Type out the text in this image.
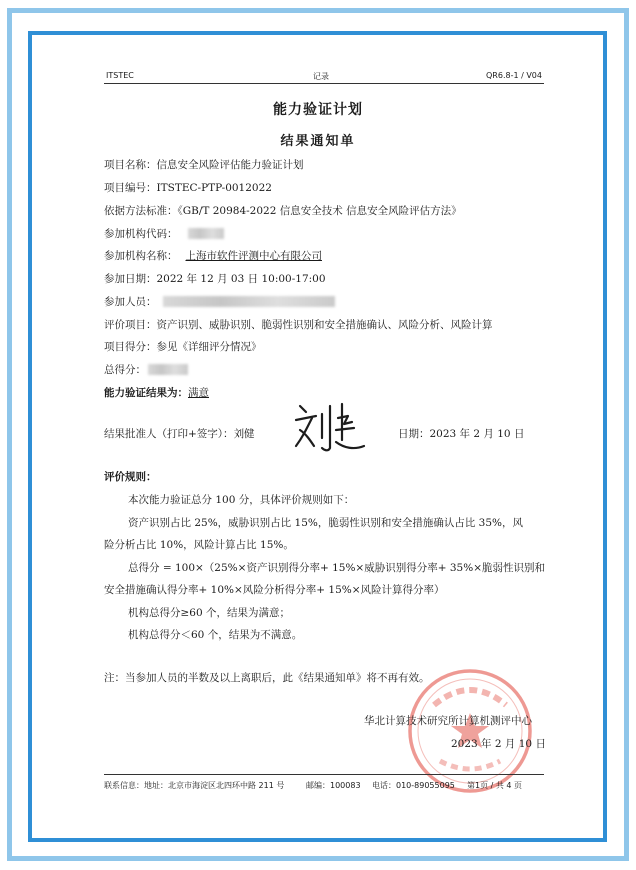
ITSTEC	记录	QR6.8-1 / V04
能力验证计划
结果通知单
项目名称：信息安全风险评估能力验证计划
项目编号：ITSTEC-PTP-0012022
依据方法标准：《GB/T 20984-2022 信息安全技术 信息安全风险评估方法》
参加机构代码：
参加机构名称： 上海市软件评测中心有限公司
参加日期：2022 年 12 月 03 日 10:00-17:00
参加人员：
评价项目：资产识别、威胁识别、脆弱性识别和安全措施确认、风险分析、风险计算
项目得分：参见《详细评分情况》
总得分：
能力验证结果为：满意
结果批准人（打印+签字）：刘健	日期：2023 年 2 月 10 日
评价规则：
本次能力验证总分 100 分，具体评价规则如下：
资产识别占比 25%，威胁识别占比 15%，脆弱性识别和安全措施确认占比 35%，风
险分析占比 10%，风险计算占比 15%。
总得分 = 100×（25%×资产识别得分率+ 15%×威胁识别得分率+ 35%×脆弱性识别和
安全措施确认得分率+ 10%×风险分析得分率+ 15%×风险计算得分率）
机构总得分≥60 个，结果为满意；
机构总得分＜60 个，结果为不满意。
注：当参加人员的半数及以上离职后，此《结果通知单》将不再有效。
华北计算技术研究所计算机测评中心
2023 年 2 月 10 日
联系信息：地址：北京市海淀区北四环中路 211 号	邮编：100083 电话：010-89055095 第1页 / 共 4 页
